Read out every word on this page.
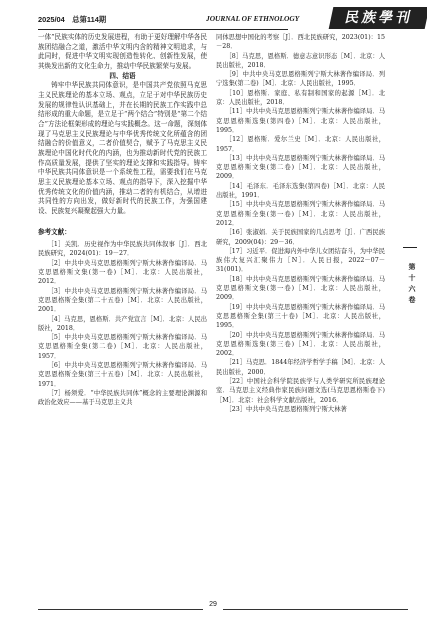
2025/04　总第114期	JOURNAL OF ETHNOLOGY	民族學刊

一体”民族实体的历史发展进程，有助于更好理解中华各民族团结融合之道，激活中华文明内含的精神文明追求，与此同时，促进中华文明实现创造性转化、创新性发展，使其焕发出新的文化生命力，推动中华民族繁荣与发展。

四、结语

铸牢中华民族共同体意识，是中国共产党依照马克思主义民族理论的基本立场、观点，立足于对中华民族历史发展的规律性认识基础上，并在长期的民族工作实践中总结形成的重大命题，是立足于“两个结合”特别是“第二个结合”方法论框架形成的理论与实践概念。这一命题，深刻体现了马克思主义民族理论与中华优秀传统文化所蕴含的团结融合的价值意义，二者价值契合，赋予了马克思主义民族理论中国化时代化的内涵，也为推动新时代党的民族工作高质量发展，提供了坚实的理论支撑和实践指导。铸牢中华民族共同体意识是一个系统性工程，需要我们在马克思主义民族理论基本立场、观点的指导下，深入挖掘中华优秀传统文化的价值内涵，推动二者的有机结合，从增进共同性的方向出发，做好新时代的民族工作，为强国建设、民族复兴凝聚起强大力量。

参考文献：

［1］关凯．历史视作为中华民族共同体叙事［J］．西北民族研究，2024(01)：19－27．

［2］中共中央马克思恩格斯列宁斯大林著作编译局．马克思恩格斯文集(第一卷)［M］．北京：人民出版社，2012．

［3］中共中央马克思恩格斯列宁斯大林著作编译局．马克思恩格斯全集(第二十五卷)［M］．北京：人民出版社，2001．

［4］马克思，恩格斯．共产党宣言［M］．北京：人民出版社，2018．

［5］中共中央马克思恩格斯列宁斯大林著作编译局．马克思恩格斯全集(第二卷)［M］．北京：人民出版社，1957．

［6］中共中央马克思恩格斯列宁斯大林著作编译局．马克思恩格斯全集(第三十五卷)［M］．北京：人民出版社，1971．

［7］杨须爱．“中华民族共同体”概念的主要理论渊源和政治化效应——基于马克思主义共

同体思想中国化的考察［J］．西北民族研究，2023(01)：15－28．

［8］马克思，恩格斯．德意志意识形态［M］．北京：人民出版社，2018．

［9］中共中央马克思恩格斯列宁斯大林著作编译局．列宁选集(第二卷)［M］．北京：人民出版社，1995．

［10］恩格斯．家庭、私有制和国家的起源［M］．北京：人民出版社，2018．

［11］中共中央马克思恩格斯列宁斯大林著作编译局．马克思恩格斯选集(第四卷)［M］．北京：人民出版社，1995．

［12］恩格斯．爱尔兰史［M］．北京：人民出版社，1957．

［13］中共中央马克思恩格斯列宁斯大林著作编译局．马克思恩格斯文集(第二卷)［M］．北京：人民出版社，2009．

［14］毛泽东．毛泽东选集(第四卷)［M］．北京：人民出版社，1991．

［15］中共中央马克思恩格斯列宁斯大林著作编译局．马克思恩格斯全集(第一卷)［M］．北京：人民出版社，2012．

［16］张淑娟．关于民族国家的几点思考［J］．广西民族研究，2009(04)：29－36．

［17］习近平．促进海内外中华儿女团结奋斗，为中华民族伟大复兴汇聚伟力［N］．人民日报，2022－07－31(001)．

［18］中共中央马克思恩格斯列宁斯大林著作编译局．马克思恩格斯文集(第一卷)［M］．北京：人民出版社，2009．

［19］中共中央马克思恩格斯列宁斯大林著作编译局．马克思恩格斯全集(第三十卷)［M］．北京：人民出版社，1995．

［20］中共中央马克思恩格斯列宁斯大林著作编译局．马克思恩格斯选集(第三卷)［M］．北京：人民出版社，2002．

［21］马克思．1844年经济学哲学手稿［M］．北京：人民出版社，2000．

［22］中国社会科学院民族学与人类学研究所民族理论室．马克思主义经典作家民族问题文选(马克思恩格斯卷下)［M］．北京：社会科学文献出版社，2016．

［23］中共中央马克思恩格斯列宁斯大林著

第
十
六
卷
29
